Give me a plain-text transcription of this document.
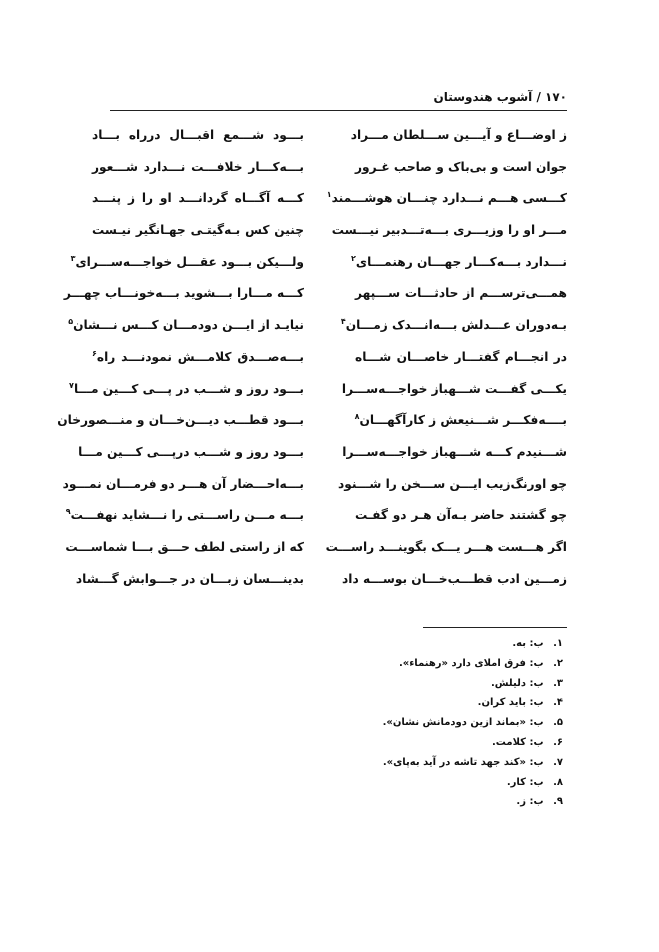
۱۷۰ / آشوب هندوستان
ز اوضـــاع و آیـــین ســـلطان مـــراد
بـــود شـــمع اقبـــال درراه بـــاد
جوان است و بی‌باک و صاحب غـرور
بـــه‌کـــار خلافـــت نـــدارد شـــعور
کـــسی هـــم نـــدارد چنـــان هوشـــمند$^۱$
کـــه آگـــاه گردانـــد او را ز پنـــد
مـــر او را وزیـــری بـــه‌تـــدبیر نیـــست
چنین کس بـه‌گیتـی جهـانگیر نیـست
نـــدارد بـــه‌کـــار جهـــان رهنمـــای$^۲$
ولـــیکن بـــود عقـــل خواجـــه‌ســـرای$^۳$
همـــی‌ترســـم از حادثـــات ســـپهر
کـــه مـــارا بـــشوید بـــه‌خونـــاب چهـــر
بـه‌دوران عـــدلش بـــه‌انـــدک زمـــان$^۴$
نیایـد از ایـــن دودمـــان کـــس نـــشان$^۵$
در انجـــام گفتـــار خاصـــان شـــاه
بـــه‌صـــدق کلامـــش نمودنـــد راه$^۶$
یکـــی گفـــت شـــهباز خواجـــه‌ســـرا
بـــود روز و شـــب در پـــی کـــین مـــا$^۷$
بــــه‌فکـــر شـــنیعش ز کارآگهـــان$^۸$
بـــود قطـــب دیـــن‌خـــان و منـــصورخان
شـــنیدم کـــه شـــهباز خواجـــه‌ســـرا
بـــود روز و شـــب درپـــی کـــین مـــا
چو اورنگ‌زیب ایـــن ســـخن را شـــنود
بـــه‌احـــضار آن هـــر دو فرمـــان نمـــود
چو گشتند حاضر بـه‌آن هـر دو گفـت
بـــه مـــن راســـتی را نـــشاید نهفـــت$^۹$
اگر هـــست هـــر یـــک بگوینـــد راســـت
که از راستی لطف حـــق بـــا شماســـت
زمـــین ادب قطـــب‌خـــان بوســـه داد
بدینـــسان زبـــان در جـــوابش گـــشاد
۱. ب: به.
۲. ب: فرق املای دارد «رهنماء».
۳. ب: دلیلش.
۴. ب: باید کران.
۵. ب: «بماند ازین دودمانش نشان».
۶. ب: کلامت.
۷. ب: «کند جهد تاشه در آید به‌پای».
۸. ب: کار.
۹. ب: ز.
